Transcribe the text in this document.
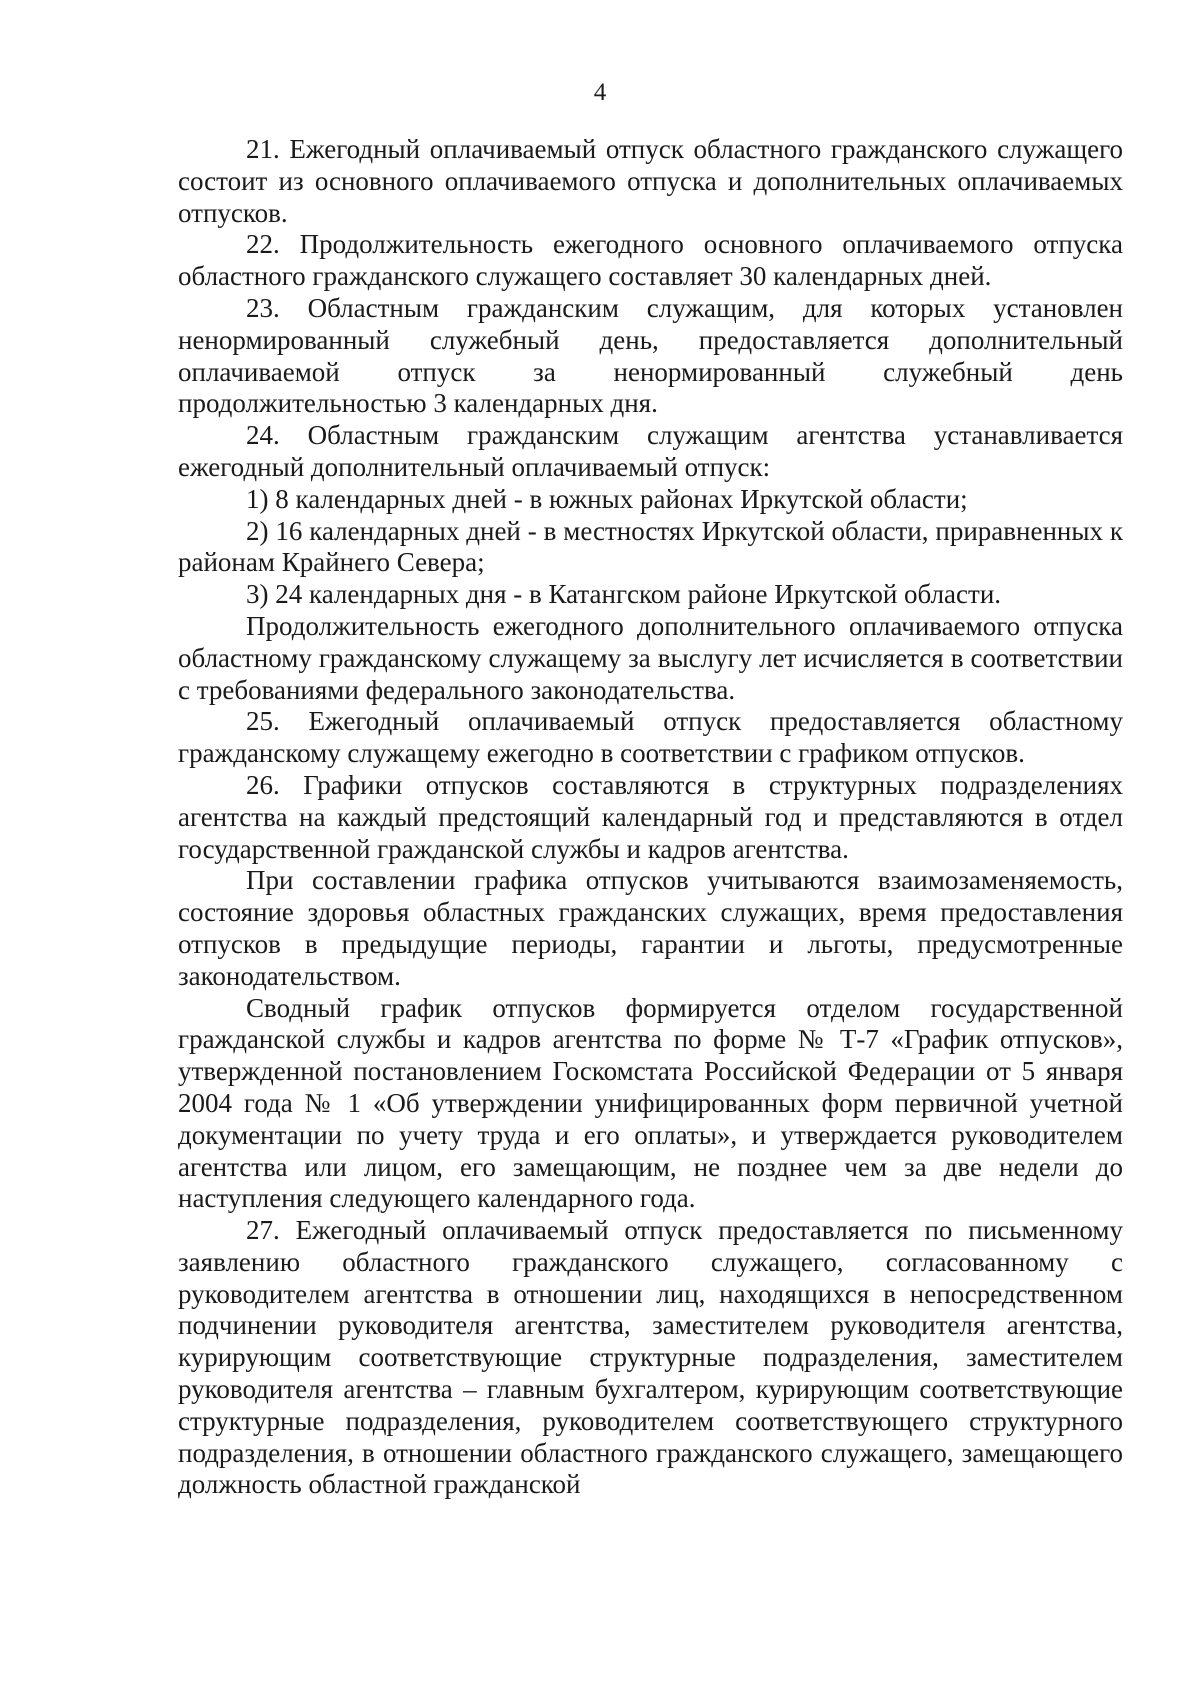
4

21. Ежегодный оплачиваемый отпуск областного гражданского служащего состоит из основного оплачиваемого отпуска и дополнительных оплачиваемых отпусков.

22. Продолжительность ежегодного основного оплачиваемого отпуска областного гражданского служащего составляет 30 календарных дней.

23. Областным гражданским служащим, для которых установлен ненормированный служебный день, предоставляется дополнительный оплачиваемой отпуск за ненормированный служебный день продолжительностью 3 календарных дня.

24. Областным гражданским служащим агентства устанавливается ежегодный дополнительный оплачиваемый отпуск:

1) 8 календарных дней - в южных районах Иркутской области;

2) 16 календарных дней - в местностях Иркутской области, приравненных к районам Крайнего Севера;

3) 24 календарных дня - в Катангском районе Иркутской области.

Продолжительность ежегодного дополнительного оплачиваемого отпуска областному гражданскому служащему за выслугу лет исчисляется в соответствии с требованиями федерального законодательства.

25. Ежегодный оплачиваемый отпуск предоставляется областному гражданскому служащему ежегодно в соответствии с графиком отпусков.

26. Графики отпусков составляются в структурных подразделениях агентства на каждый предстоящий календарный год и представляются в отдел государственной гражданской службы и кадров агентства.

При составлении графика отпусков учитываются взаимозаменяемость, состояние здоровья областных гражданских служащих, время предоставления отпусков в предыдущие периоды, гарантии и льготы, предусмотренные законодательством.

Сводный график отпусков формируется отделом государственной гражданской службы и кадров агентства по форме № Т-7 «График отпусков», утвержденной постановлением Госкомстата Российской Федерации от 5 января 2004 года № 1 «Об утверждении унифицированных форм первичной учетной документации по учету труда и его оплаты», и утверждается руководителем агентства или лицом, его замещающим, не позднее чем за две недели до наступления следующего календарного года.

27. Ежегодный оплачиваемый отпуск предоставляется по письменному заявлению областного гражданского служащего, согласованному с руководителем агентства в отношении лиц, находящихся в непосредственном подчинении руководителя агентства, заместителем руководителя агентства, курирующим соответствующие структурные подразделения, заместителем руководителя агентства – главным бухгалтером, курирующим соответствующие структурные подразделения, руководителем соответствующего структурного подразделения, в отношении областного гражданского служащего, замещающего должность областной гражданской
